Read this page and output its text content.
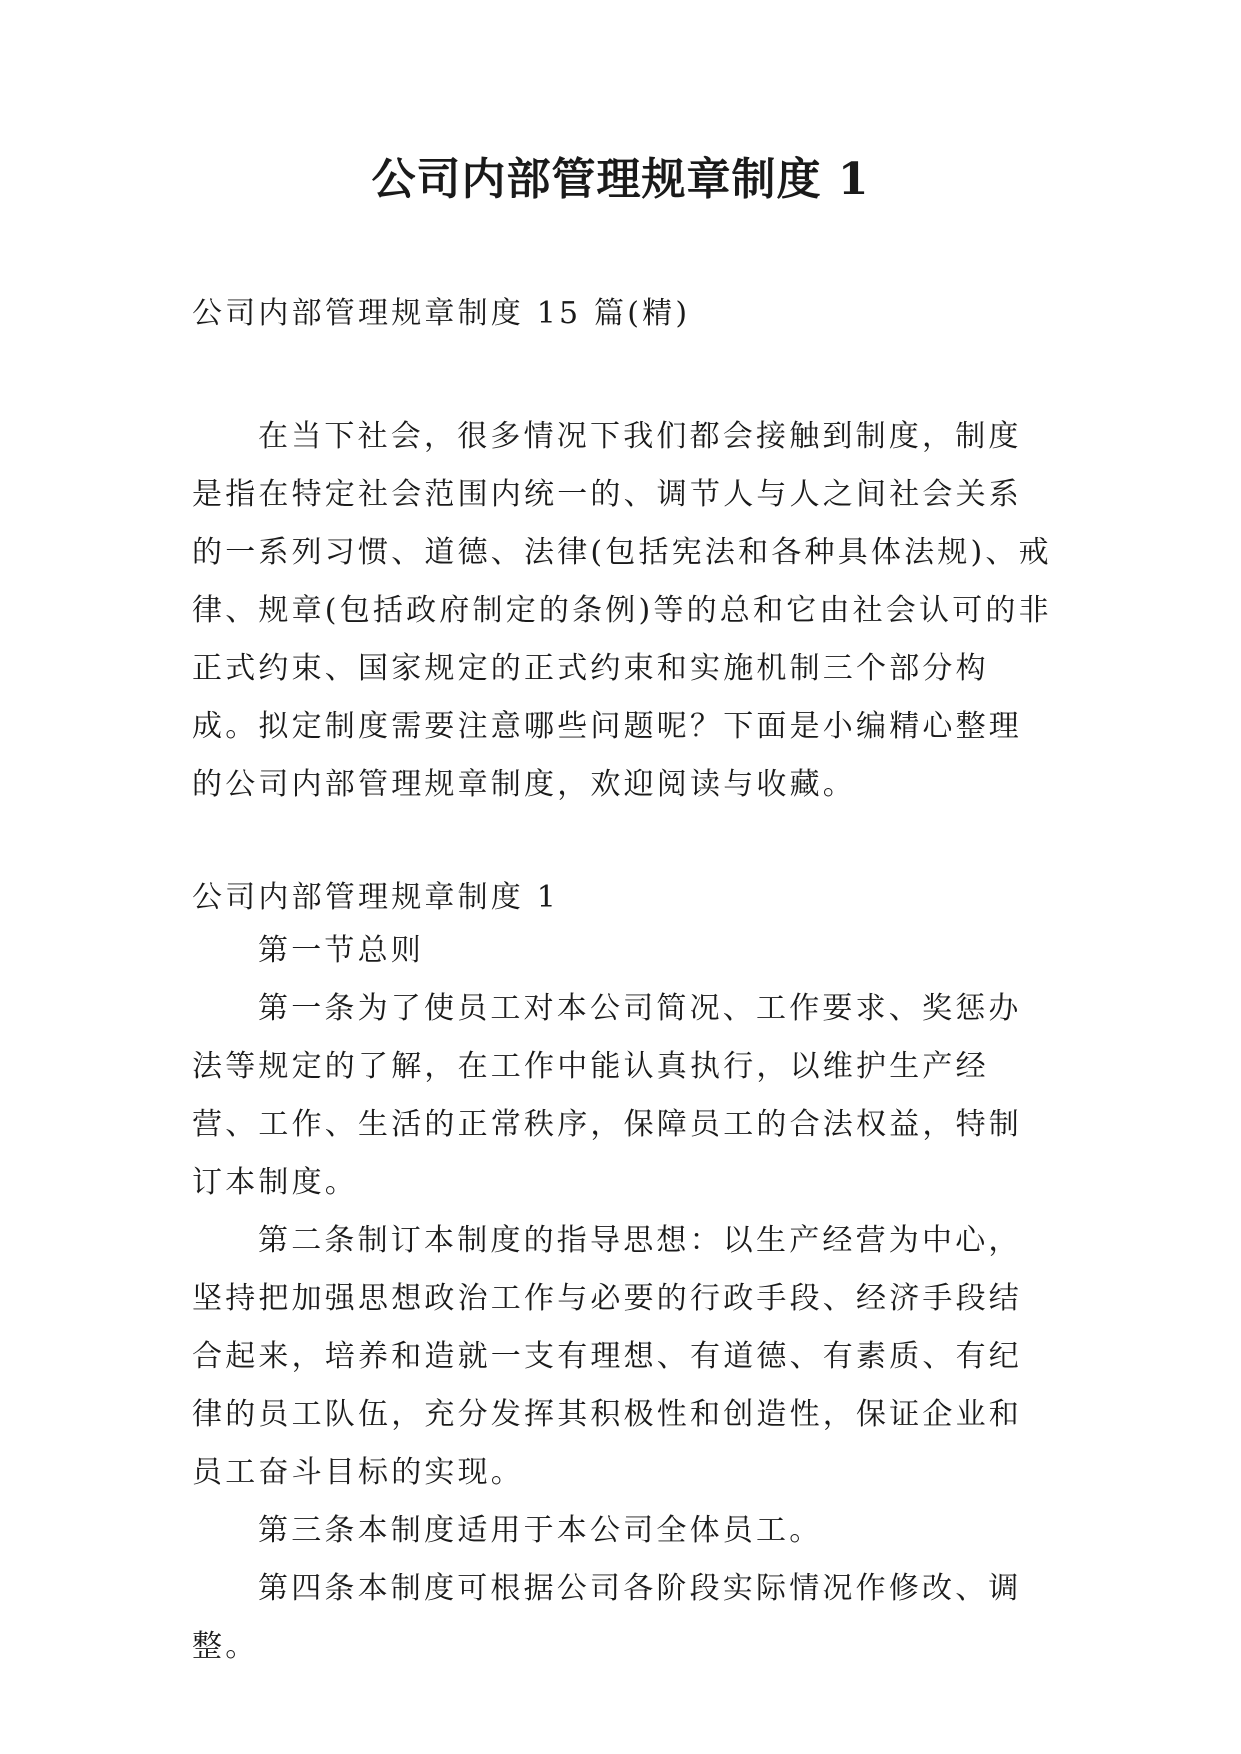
公司内部管理规章制度 1

公司内部管理规章制度 15 篇(精)

在当下社会，很多情况下我们都会接触到制度，制度是指在特定社会范围内统一的、调节人与人之间社会关系的一系列习惯、道德、法律(包括宪法和各种具体法规)、戒律、规章(包括政府制定的条例)等的总和它由社会认可的非正式约束、国家规定的正式约束和实施机制三个部分构成。拟定制度需要注意哪些问题呢？下面是小编精心整理的公司内部管理规章制度，欢迎阅读与收藏。

公司内部管理规章制度 1

第一节总则

第一条为了使员工对本公司简况、工作要求、奖惩办法等规定的了解，在工作中能认真执行，以维护生产经营、工作、生活的正常秩序，保障员工的合法权益，特制订本制度。

第二条制订本制度的指导思想：以生产经营为中心，坚持把加强思想政治工作与必要的行政手段、经济手段结合起来，培养和造就一支有理想、有道德、有素质、有纪律的员工队伍，充分发挥其积极性和创造性，保证企业和员工奋斗目标的实现。

第三条本制度适用于本公司全体员工。

第四条本制度可根据公司各阶段实际情况作修改、调整。
